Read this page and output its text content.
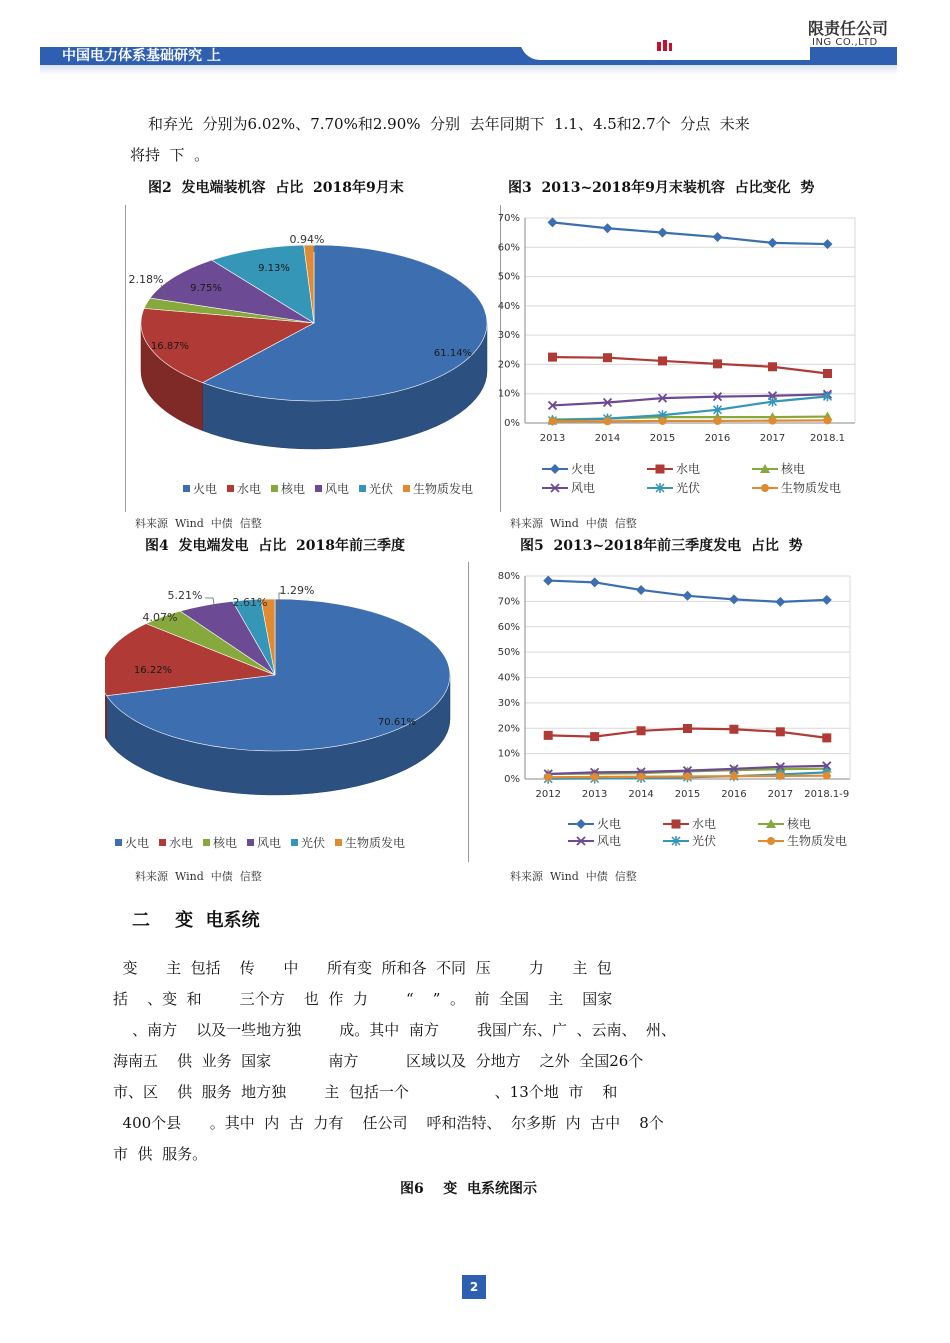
中国电力体系基础研究 上
限责任公司
ING CO.,LTD
和弃光  分别为6.02%、7.70%和2.90%  分别  去年同期下  1.1、4.5和2.7个  分点  未来
将持  下  。
图2  发电端装机容  占比  2018年9月末	图3  2013~2018年9月末装机容  占比变化  势
61.14%
16.87%
2.18%
9.75%
9.13%
0.94%
火电 水电 核电 风电 光伏 生物质发电
0%
10%
20%
30%
40%
50%
60%
70%
2013	2014	2015	2016	2017 2018.1
火电	水电	核电
风电	光伏	生物质发电
料来源  Wind  中债  信整	料来源  Wind  中债  信整
图4  发电端发电  占比  2018年前三季度	图5  2013~2018年前三季度发电  占比  势
70.61%
16.22%
4.07%
5.21%
2.61%
1.29%
火电 水电 核电 风电 光伏 生物质发电
0%
10%
20%
30%
40%
50%
60%
70%
80%
2012 2013 2014 2015 2016 2017 2018.1-9
火电	水电	核电
风电	光伏	生物质发电
料来源  Wind  中债  信整	料来源  Wind  中债  信整
二    变  电系统
变      主  包括    传      中      所有变  所和各  不同  压        力      主  包
括    、变  和        三个方    也  作  力        “    ”  。  前  全国    主    国家
、南方    以及一些地方独        成。其中  南方        我国广东、广  、云南、  州、
海南五    供  业务  国家            南方          区域以及  分地方    之外  全国26个
市、区    供  服务  地方独        主  包括一个                  、13个地  市    和
400个县      。其中  内  古  力有    任公司    呼和浩特、  尔多斯  内  古中    8个
市  供  服务。
图6    变  电系统图示
2
